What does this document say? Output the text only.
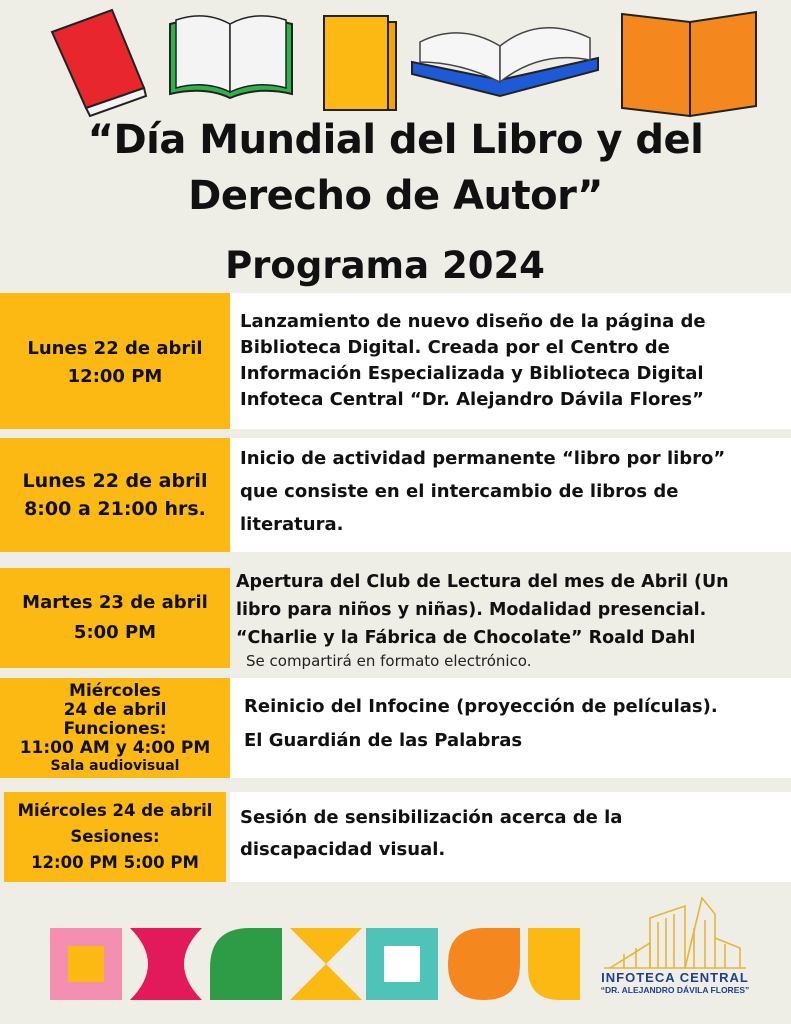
“Día Mundial del Libro y del
Derecho de Autor”
Programa 2024
Lunes 22 de abril
12:00 PM
Lanzamiento de nuevo diseño de la página de
Biblioteca Digital. Creada por el Centro de
Información Especializada y Biblioteca Digital
Infoteca Central “Dr. Alejandro Dávila Flores”
Lunes 22 de abril
8:00 a 21:00 hrs.
Inicio de actividad permanente “libro por libro”
que consiste en el intercambio de libros de
literatura.
Martes 23 de abril
5:00 PM
Apertura del Club de Lectura del mes de Abril (Un
libro para niños y niñas). Modalidad presencial.
“Charlie y la Fábrica de Chocolate” Roald Dahl
Se compartirá en formato electrónico.
Miércoles
24 de abril
Funciones:
11:00 AM y 4:00 PM
Sala audiovisual
Reinicio del Infocine (proyección de películas).
El Guardián de las Palabras
Miércoles 24 de abril
Sesiones:
12:00 PM 5:00 PM
Sesión de sensibilización acerca de la
discapacidad visual.
INFOTECA CENTRAL
“DR. ALEJANDRO DÁVILA FLORES”
